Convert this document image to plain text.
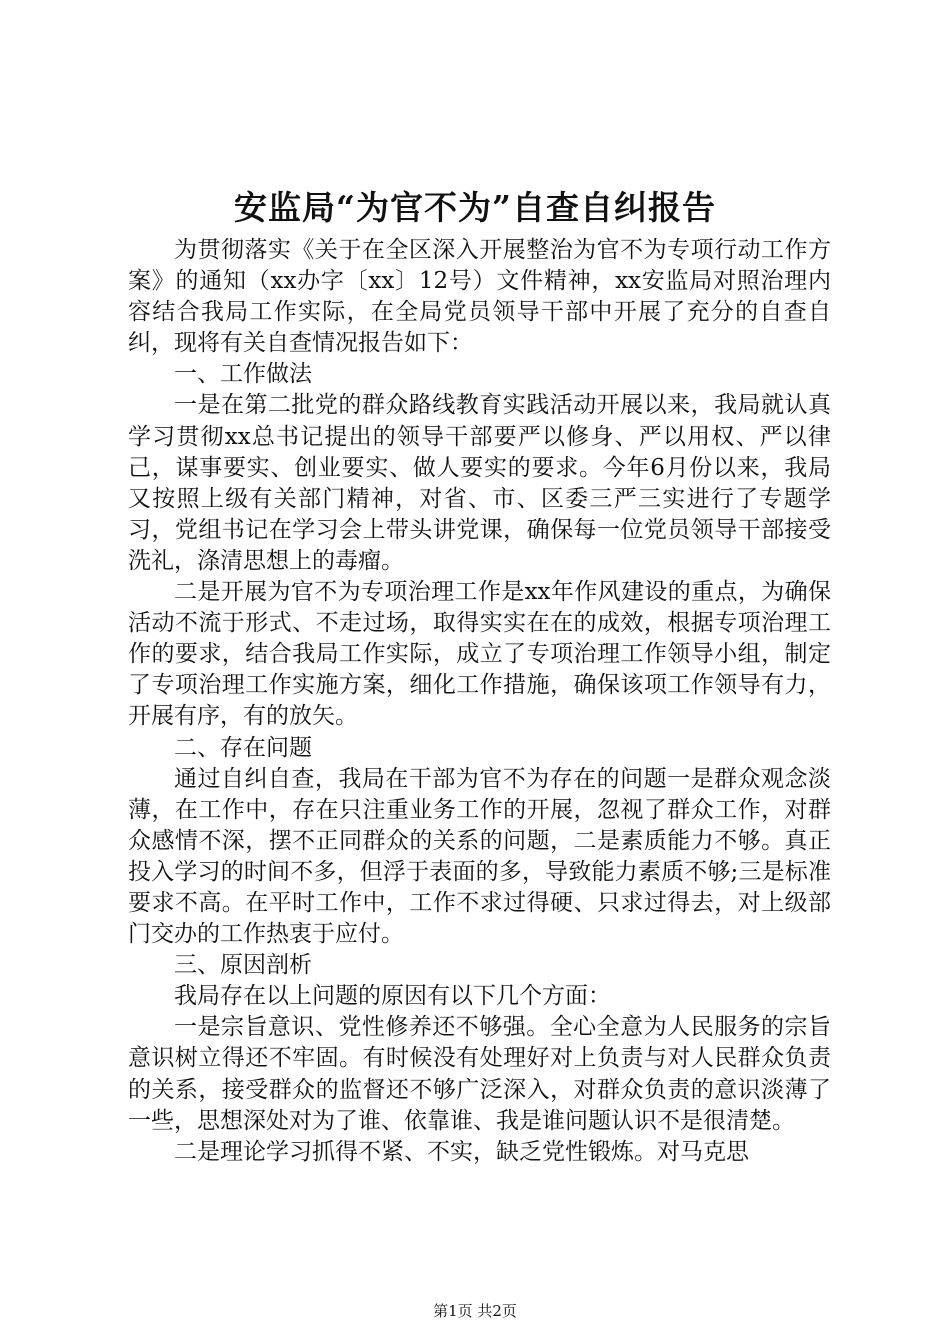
安监局“为官不为”自查自纠报告

为贯彻落实《关于在全区深入开展整治为官不为专项行动工作方案》的通知（xx办字〔xx〕12号）文件精神，xx安监局对照治理内容结合我局工作实际，在全局党员领导干部中开展了充分的自查自纠，现将有关自查情况报告如下：

一、工作做法

一是在第二批党的群众路线教育实践活动开展以来，我局就认真学习贯彻xx总书记提出的领导干部要严以修身、严以用权、严以律己，谋事要实、创业要实、做人要实的要求。今年6月份以来，我局又按照上级有关部门精神，对省、市、区委三严三实进行了专题学习，党组书记在学习会上带头讲党课，确保每一位党员领导干部接受洗礼，涤清思想上的毒瘤。

二是开展为官不为专项治理工作是xx年作风建设的重点，为确保活动不流于形式、不走过场，取得实实在在的成效，根据专项治理工作的要求，结合我局工作实际，成立了专项治理工作领导小组，制定了专项治理工作实施方案，细化工作措施，确保该项工作领导有力，开展有序，有的放矢。

二、存在问题

通过自纠自查，我局在干部为官不为存在的问题一是群众观念淡薄，在工作中，存在只注重业务工作的开展，忽视了群众工作，对群众感情不深，摆不正同群众的关系的问题，二是素质能力不够。真正投入学习的时间不多，但浮于表面的多，导致能力素质不够;三是标准要求不高。在平时工作中，工作不求过得硬、只求过得去，对上级部门交办的工作热衷于应付。

三、原因剖析

我局存在以上问题的原因有以下几个方面：

一是宗旨意识、党性修养还不够强。全心全意为人民服务的宗旨意识树立得还不牢固。有时候没有处理好对上负责与对人民群众负责的关系，接受群众的监督还不够广泛深入，对群众负责的意识淡薄了一些，思想深处对为了谁、依靠谁、我是谁问题认识不是很清楚。

二是理论学习抓得不紧、不实，缺乏党性锻炼。对马克思

第1页 共2页
